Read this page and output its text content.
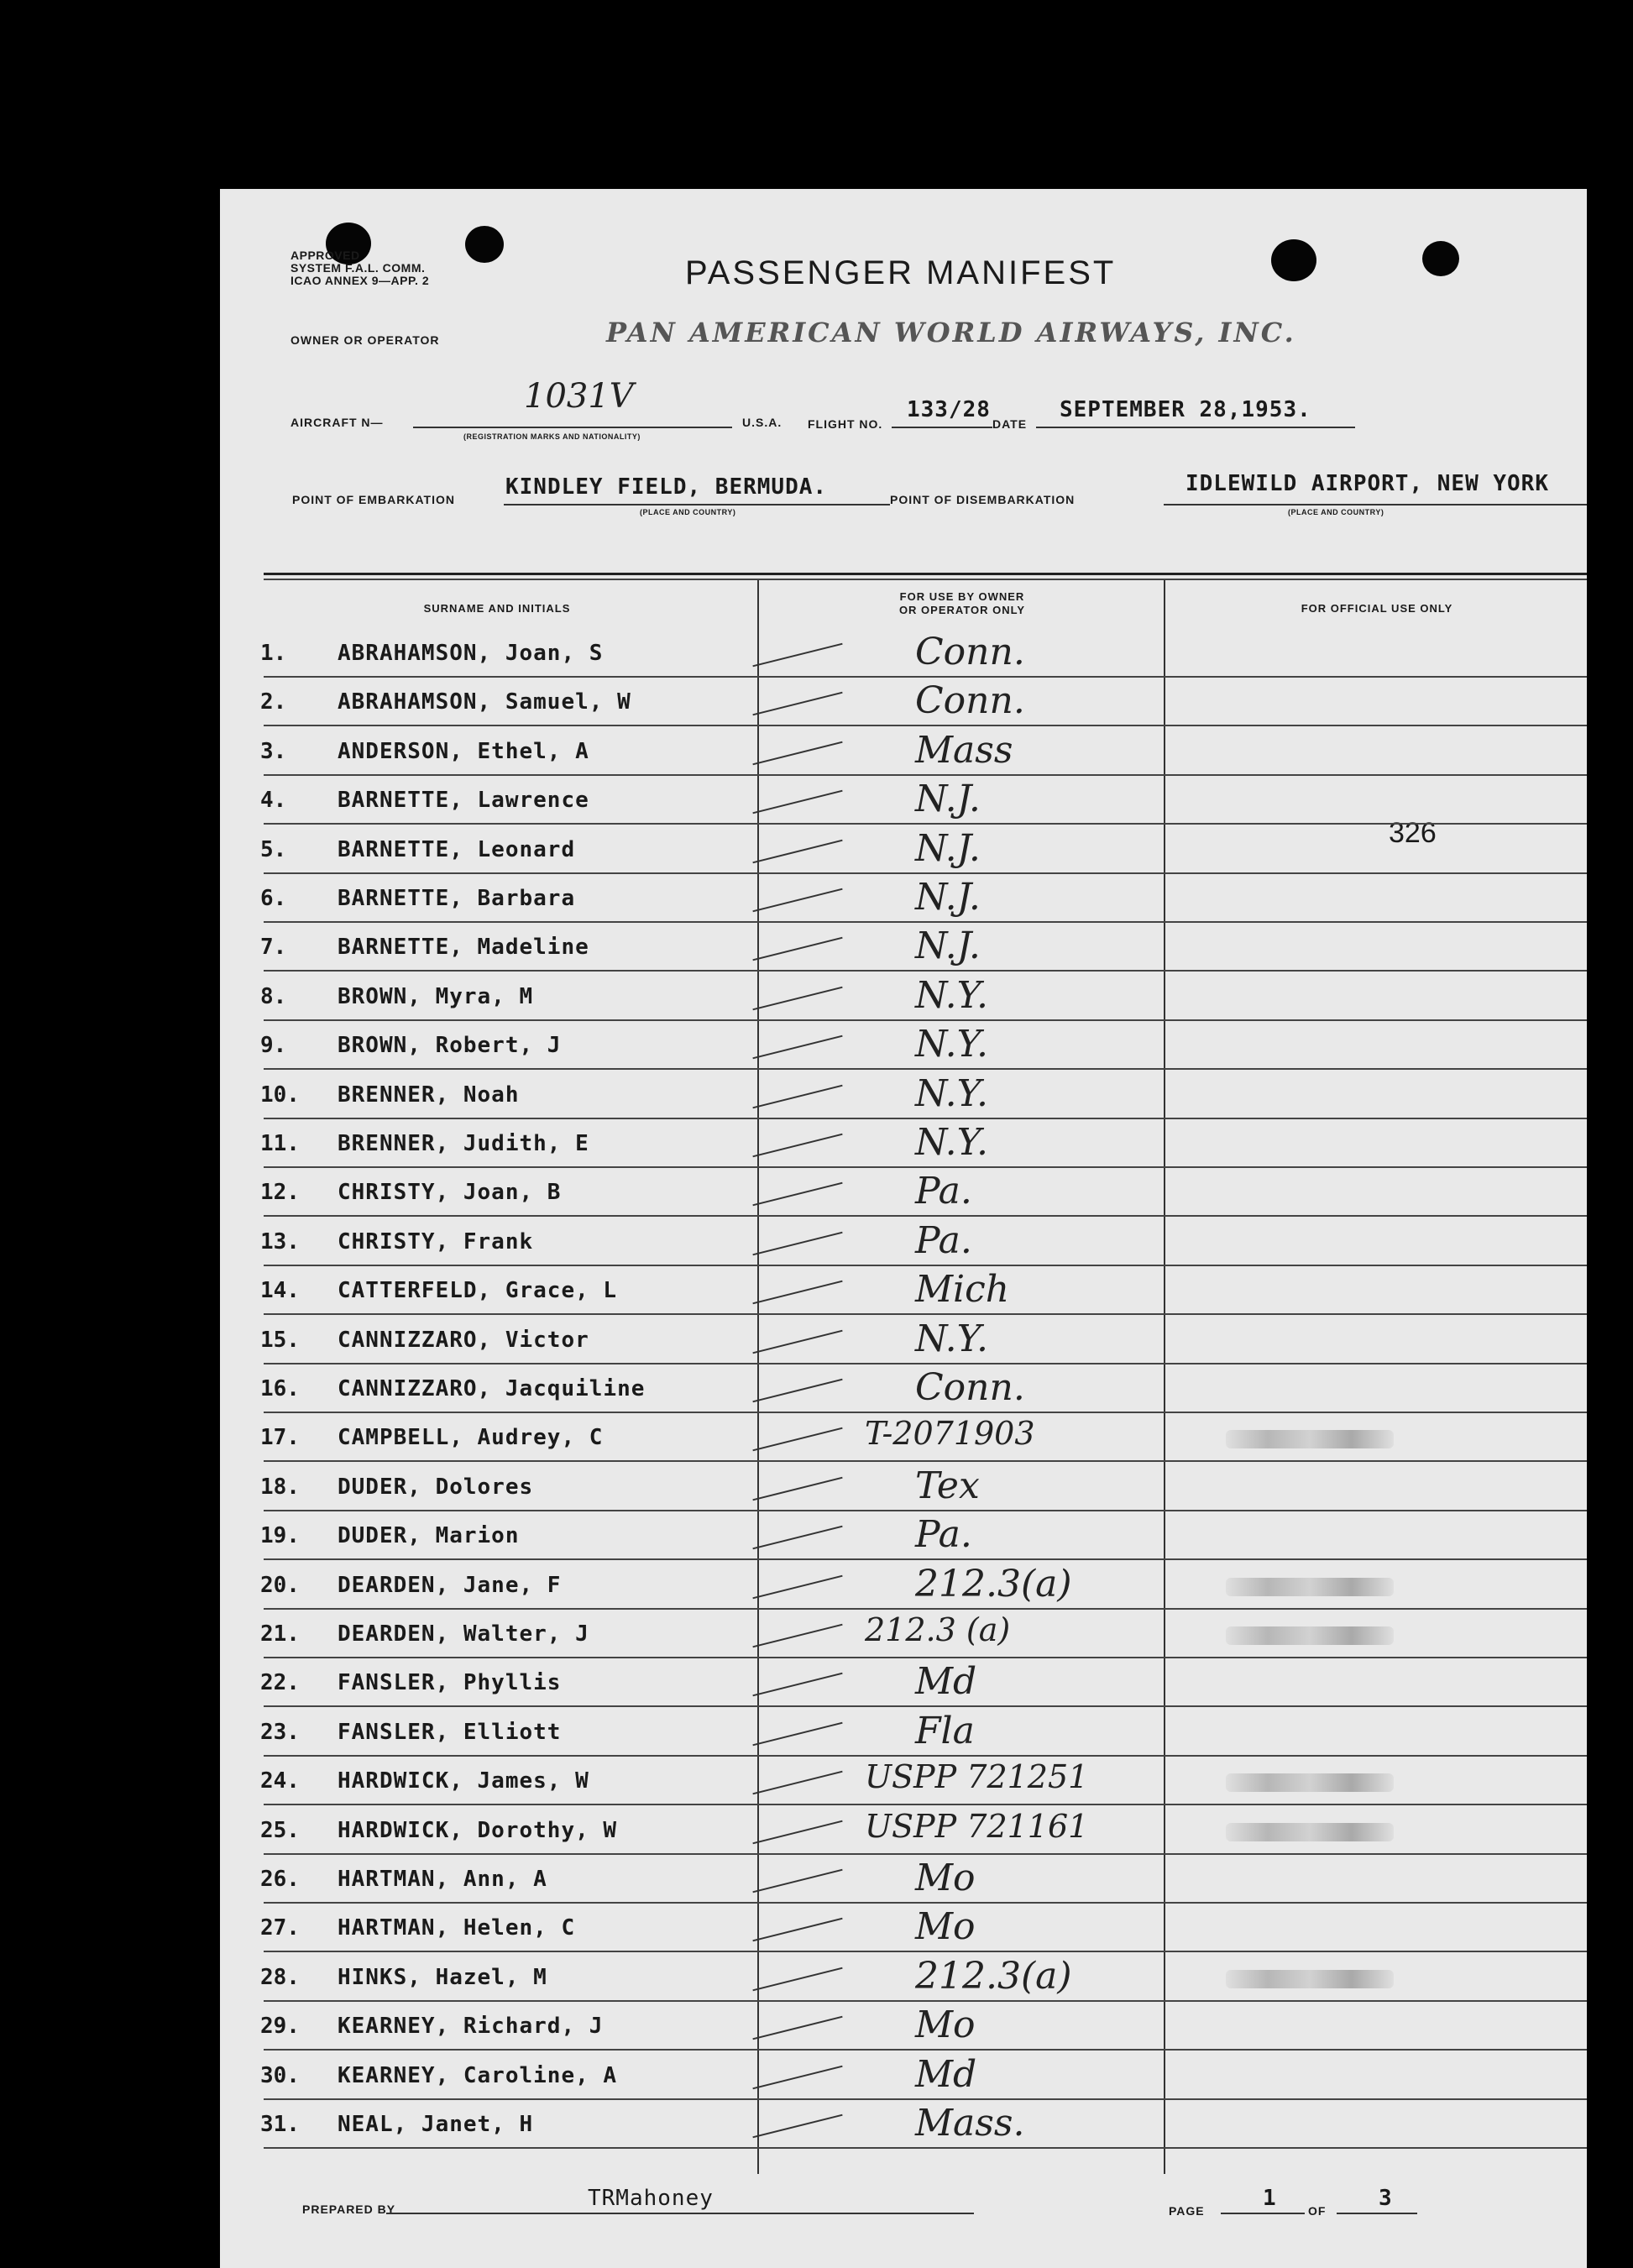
APPROVED
SYSTEM F.A.L. COMM.
ICAO ANNEX 9—APP. 2	PASSENGER MANIFEST
OWNER OR OPERATOR	PAN AMERICAN WORLD AIRWAYS, INC.
AIRCRAFT N—
1031V
(REGISTRATION MARKS AND NATIONALITY)
U.S.A. FLIGHT NO.
133/28
DATE
SEPTEMBER 28,1953.
POINT OF EMBARKATION KINDLEY FIELD, BERMUDA.
(PLACE AND COUNTRY)
POINT OF DISEMBARKATION
IDLEWILD AIRPORT, NEW YORK
(PLACE AND COUNTRY)
SURNAME AND INITIALS
FOR USE BY OWNER
OR OPERATOR ONLY	FOR OFFICIAL USE ONLY
326
1. ABRAHAMSON, Joan, S	Conn.
2. ABRAHAMSON, Samuel, W	Conn.
3. ANDERSON, Ethel, A	Mass
4. BARNETTE, Lawrence	N.J.
5. BARNETTE, Leonard	N.J.
6. BARNETTE, Barbara	N.J.
7. BARNETTE, Madeline	N.J.
8. BROWN, Myra, M	N.Y.
9. BROWN, Robert, J	N.Y.
10. BRENNER, Noah	N.Y.
11. BRENNER, Judith, E	N.Y.
12. CHRISTY, Joan, B	Pa.
13. CHRISTY, Frank	Pa.
14. CATTERFELD, Grace, L	Mich
15. CANNIZZARO, Victor	N.Y.
16. CANNIZZARO, Jacquiline	Conn.
17. CAMPBELL, Audrey, C	T-2071903
18. DUDER, Dolores	Tex
19. DUDER, Marion	Pa.
20. DEARDEN, Jane, F	212.3(a)
21. DEARDEN, Walter, J	212.3 (a)
22. FANSLER, Phyllis	Md
23. FANSLER, Elliott	Fla
24. HARDWICK, James, W	USPP 721251
25. HARDWICK, Dorothy, W	USPP 721161
26. HARTMAN, Ann, A	Mo
27. HARTMAN, Helen, C	Mo
28. HINKS, Hazel, M	212.3(a)
29. KEARNEY, Richard, J	Mo
30. KEARNEY, Caroline, A	Md
31. NEAL, Janet, H	Mass.
PREPARED BY	TRMahoney	PAGE	1	OF 3
